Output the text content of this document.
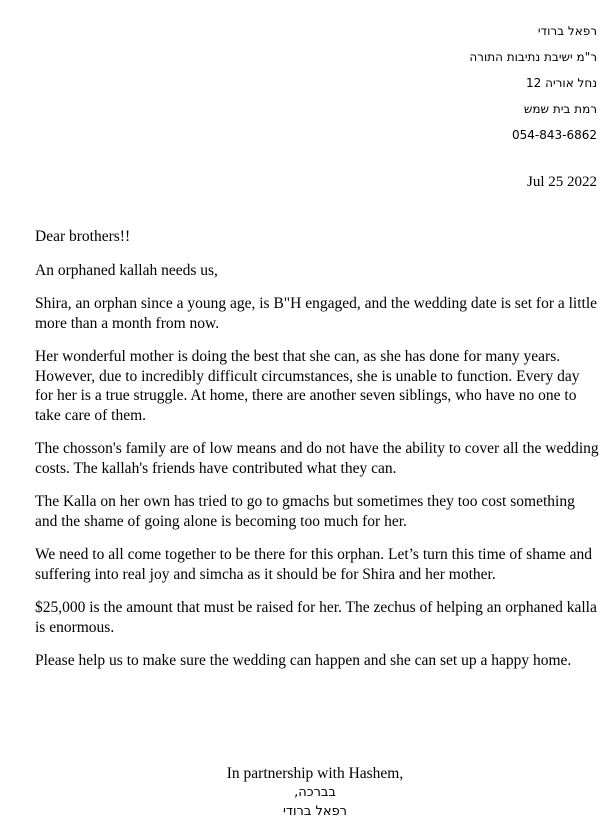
רפאל ברודי
ר"מ ישיבת נתיבות התורה
נחל אוריה 12
רמת בית שמש
054-843-6862
Jul 25 2022

Dear brothers!!

An orphaned kallah needs us,

Shira, an orphan since a young age, is B"H engaged, and the wedding date is set for a little more than a month from now.

Her wonderful mother is doing the best that she can, as she has done for many years. However, due to incredibly difficult circumstances, she is unable to function. Every day for her is a true struggle. At home, there are another seven siblings, who have no one to take care of them.

The chosson's family are of low means and do not have the ability to cover all the wedding costs. The kallah's friends have contributed what they can.

The Kalla on her own has tried to go to gmachs but sometimes they too cost something and the shame of going alone is becoming too much for her.

We need to all come together to be there for this orphan. Let’s turn this time of shame and suffering into real joy and simcha as it should be for Shira and her mother.

$25,000 is the amount that must be raised for her. The zechus of helping an orphaned kalla is enormous.

Please help us to make sure the wedding can happen and she can set up a happy home.

In partnership with Hashem,
בברכה,
רפאל ברודי
